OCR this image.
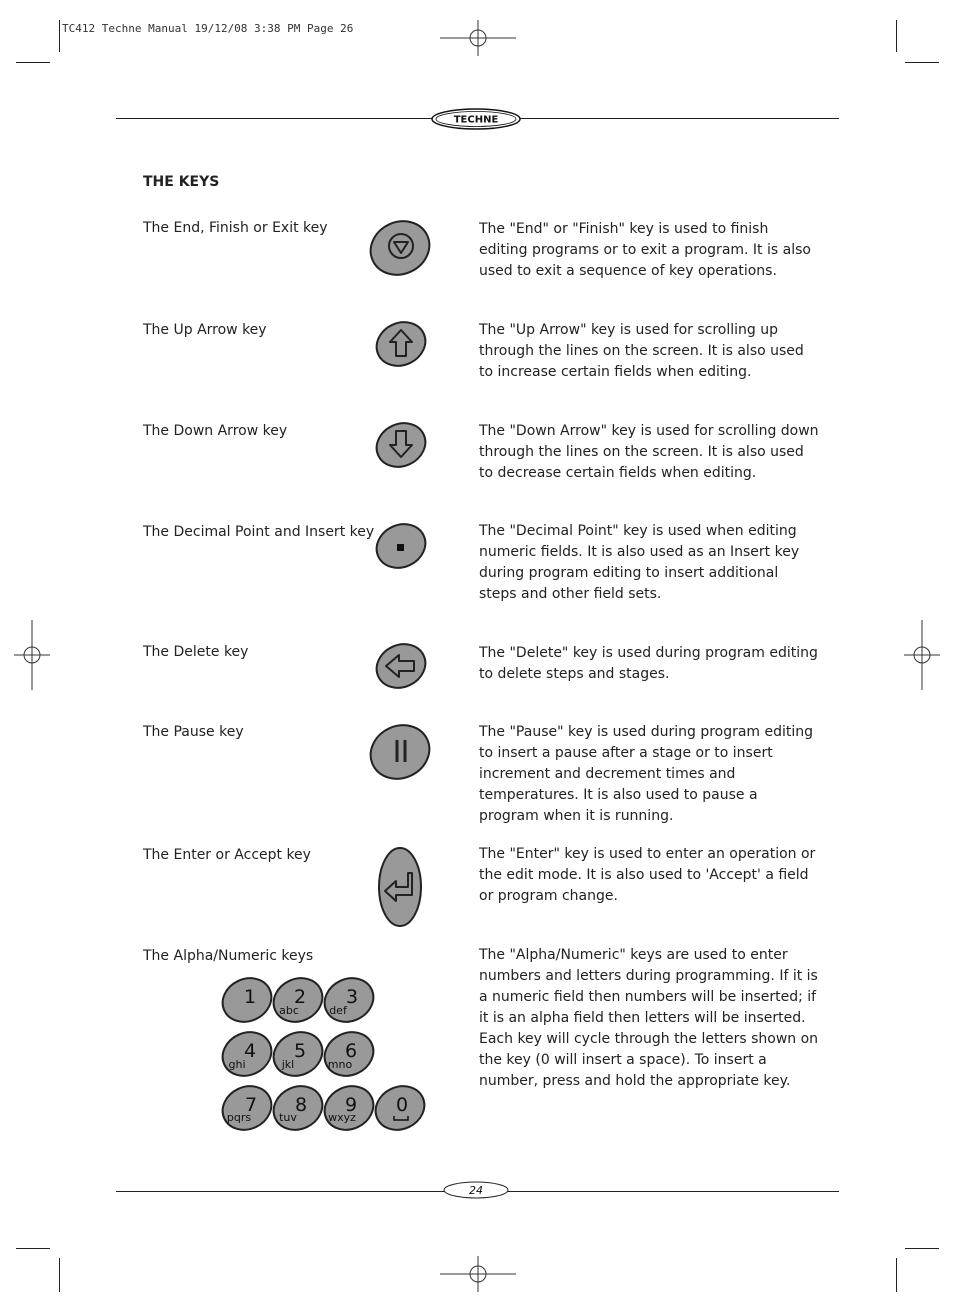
TC412 Techne Manual 19/12/08 3:38 PM Page 26
TECHNE
THE KEYS
The End, Finish or Exit key	The "End" or "Finish" key is used to finish editing programs or to exit a program. It is also used to exit a sequence of key operations.
The Up Arrow key	The "Up Arrow" key is used for scrolling up through the lines on the screen. It is also used to increase certain fields when editing.
The Down Arrow key	The "Down Arrow" key is used for scrolling down through the lines on the screen. It is also used to decrease certain fields when editing.
The Decimal Point and Insert key	The "Decimal Point" key is used when editing numeric fields. It is also used as an Insert key during program editing to insert additional steps and other field sets.
The Delete key	The "Delete" key is used during program editing to delete steps and stages.
The Pause key	The "Pause" key is used during program editing to insert a pause after a stage or to insert increment and decrement times and temperatures. It is also used to pause a program when it is running.
The Enter or Accept key	The "Enter" key is used to enter an operation or the edit mode. It is also used to 'Accept' a field or program change.
The Alpha/Numeric keys	The "Alpha/Numeric" keys are used to enter numbers and letters during programming. If it is a numeric field then numbers will be inserted; if it is an alpha field then letters will be inserted. Each key will cycle through the letters shown on the key (0 will insert a space). To insert a number, press and hold the appropriate key.
1 2
abc
3
def
4
ghi
5
jkl
6
mno
7
pqrs
8
tuv
9
wxyz
0
24
